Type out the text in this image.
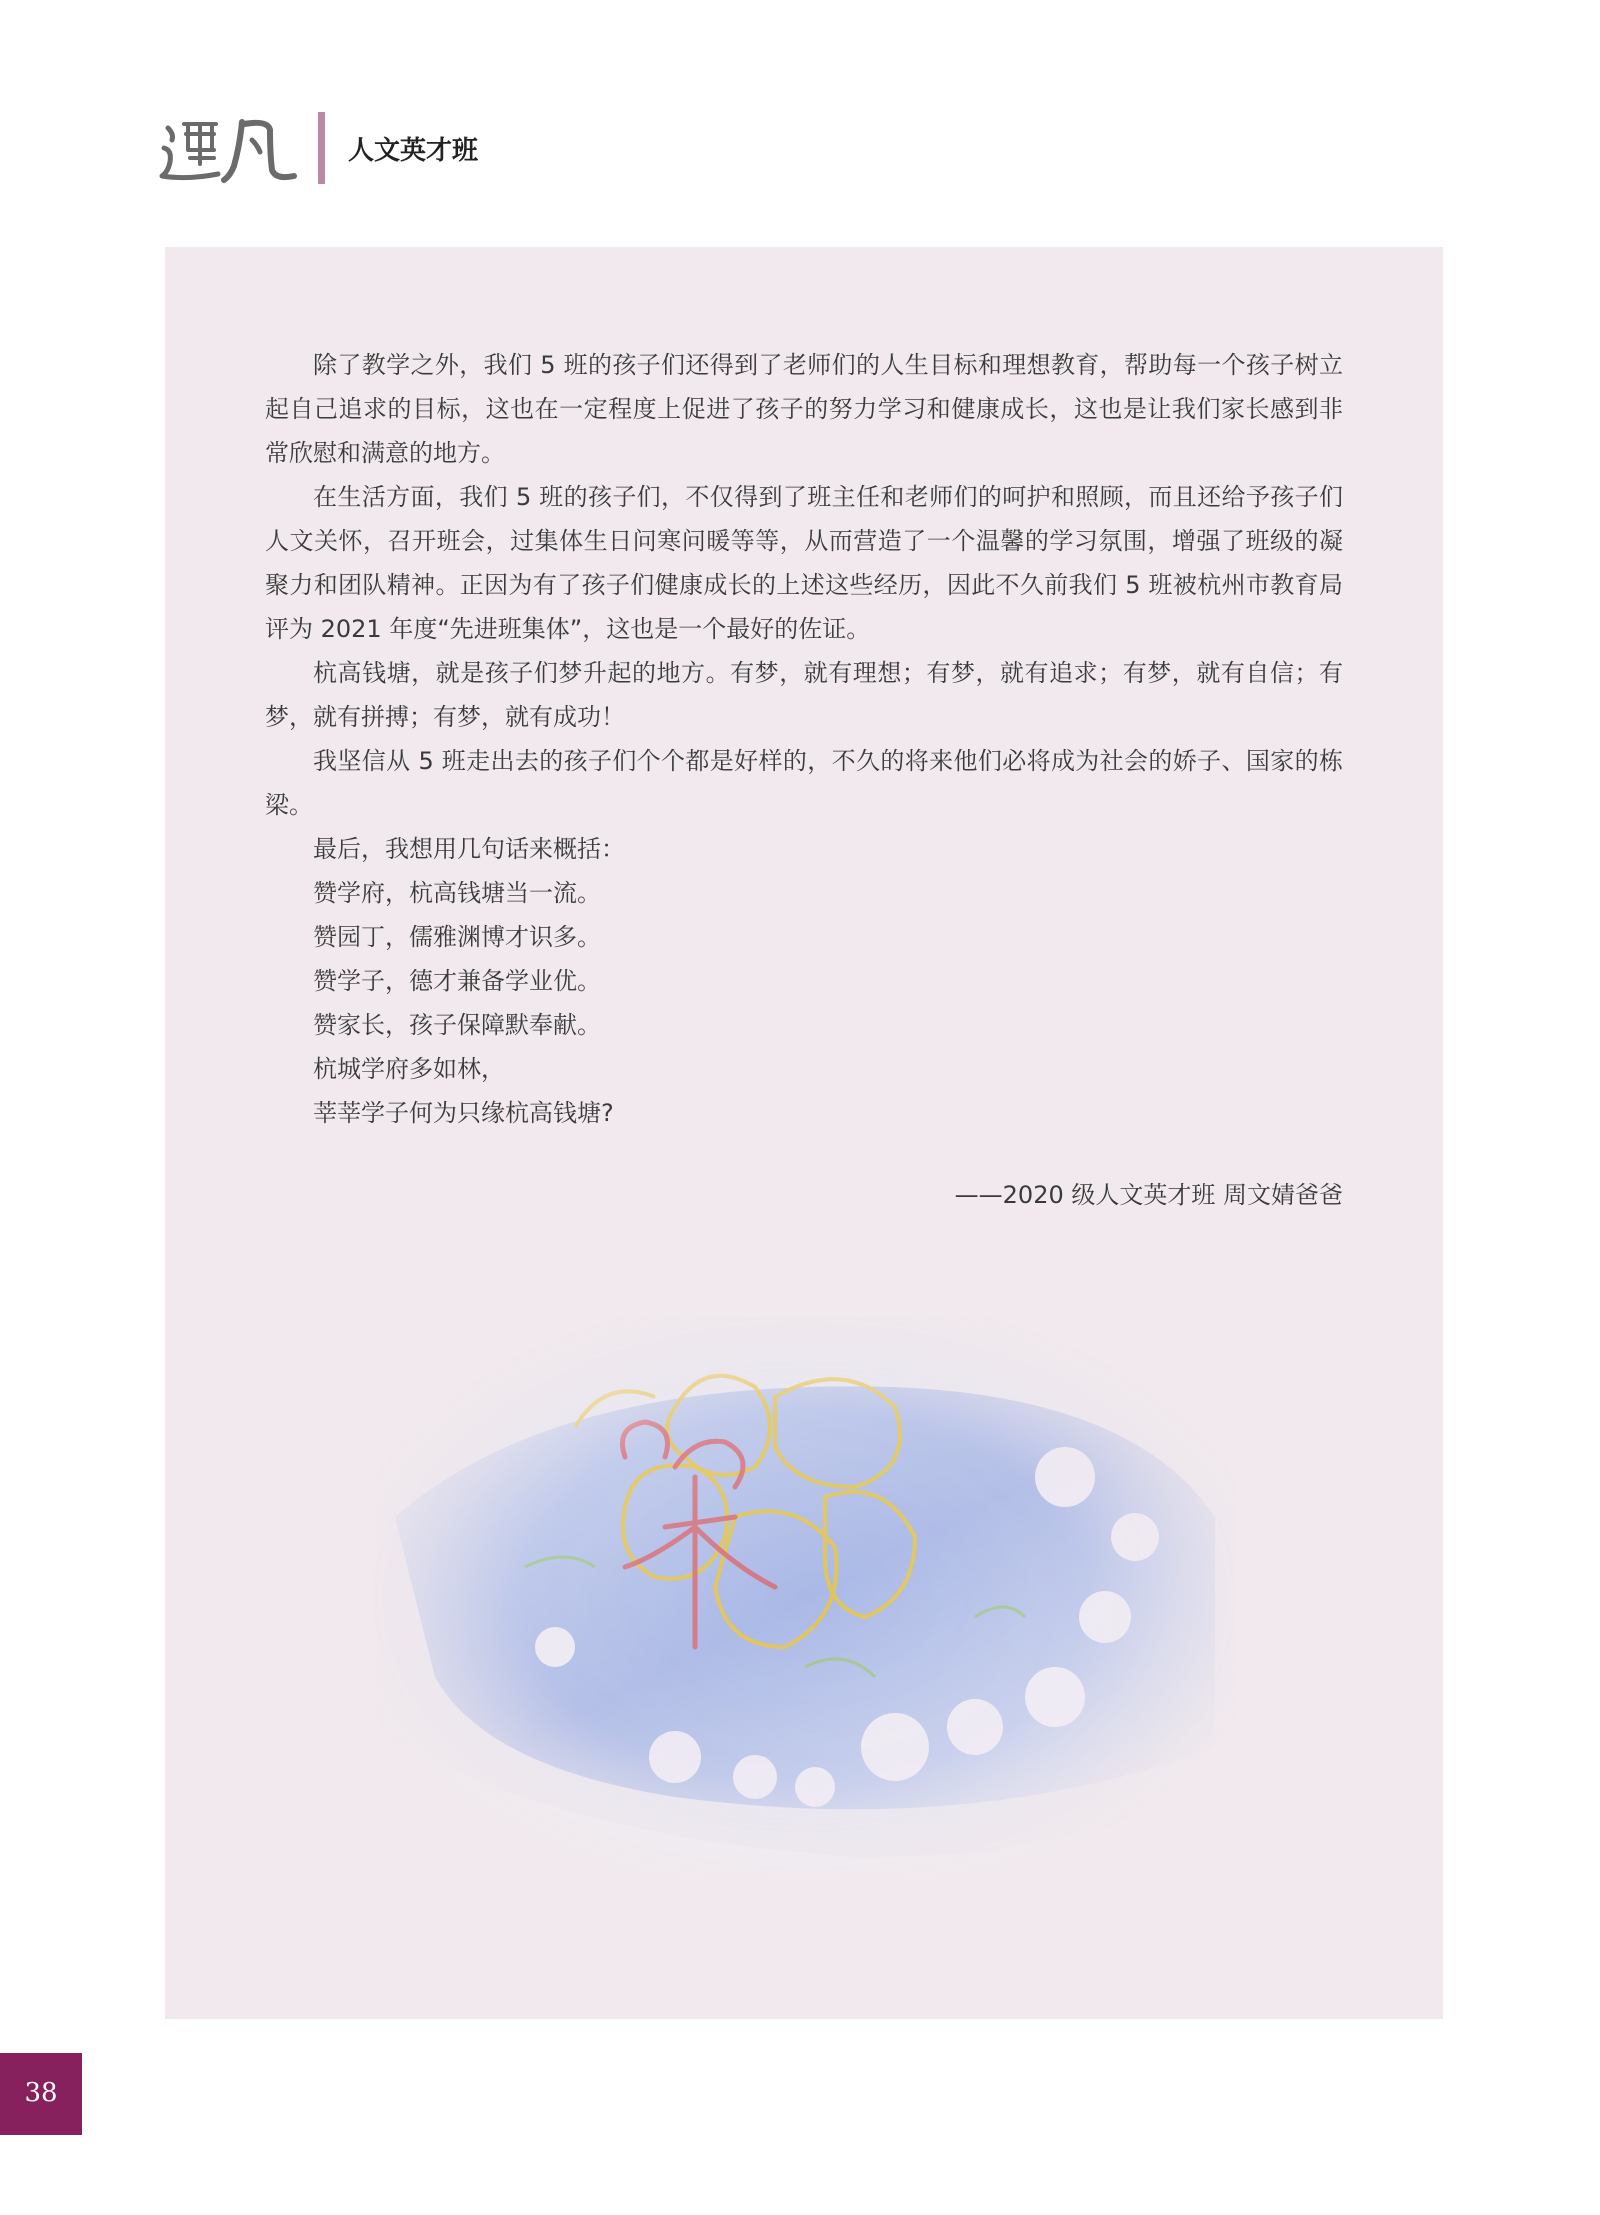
人文英才班

除了教学之外，我们 5 班的孩子们还得到了老师们的人生目标和理想教育，帮助每一个孩子树立起自己追求的目标，这也在一定程度上促进了孩子的努力学习和健康成长，这也是让我们家长感到非常欣慰和满意的地方。

在生活方面，我们 5 班的孩子们，不仅得到了班主任和老师们的呵护和照顾，而且还给予孩子们人文关怀，召开班会，过集体生日问寒问暖等等，从而营造了一个温馨的学习氛围，增强了班级的凝聚力和团队精神。正因为有了孩子们健康成长的上述这些经历，因此不久前我们 5 班被杭州市教育局评为 2021 年度“先进班集体”，这也是一个最好的佐证。

杭高钱塘，就是孩子们梦升起的地方。有梦，就有理想；有梦，就有追求；有梦，就有自信；有梦，就有拼搏；有梦，就有成功！

我坚信从 5 班走出去的孩子们个个都是好样的，不久的将来他们必将成为社会的娇子、国家的栋梁。

最后，我想用几句话来概括：

赞学府，杭高钱塘当一流。

赞园丁，儒雅渊博才识多。

赞学子，德才兼备学业优。

赞家长，孩子保障默奉献。

杭城学府多如林，

莘莘学子何为只缘杭高钱塘?

——2020 级人文英才班 周文婧爸爸
38
